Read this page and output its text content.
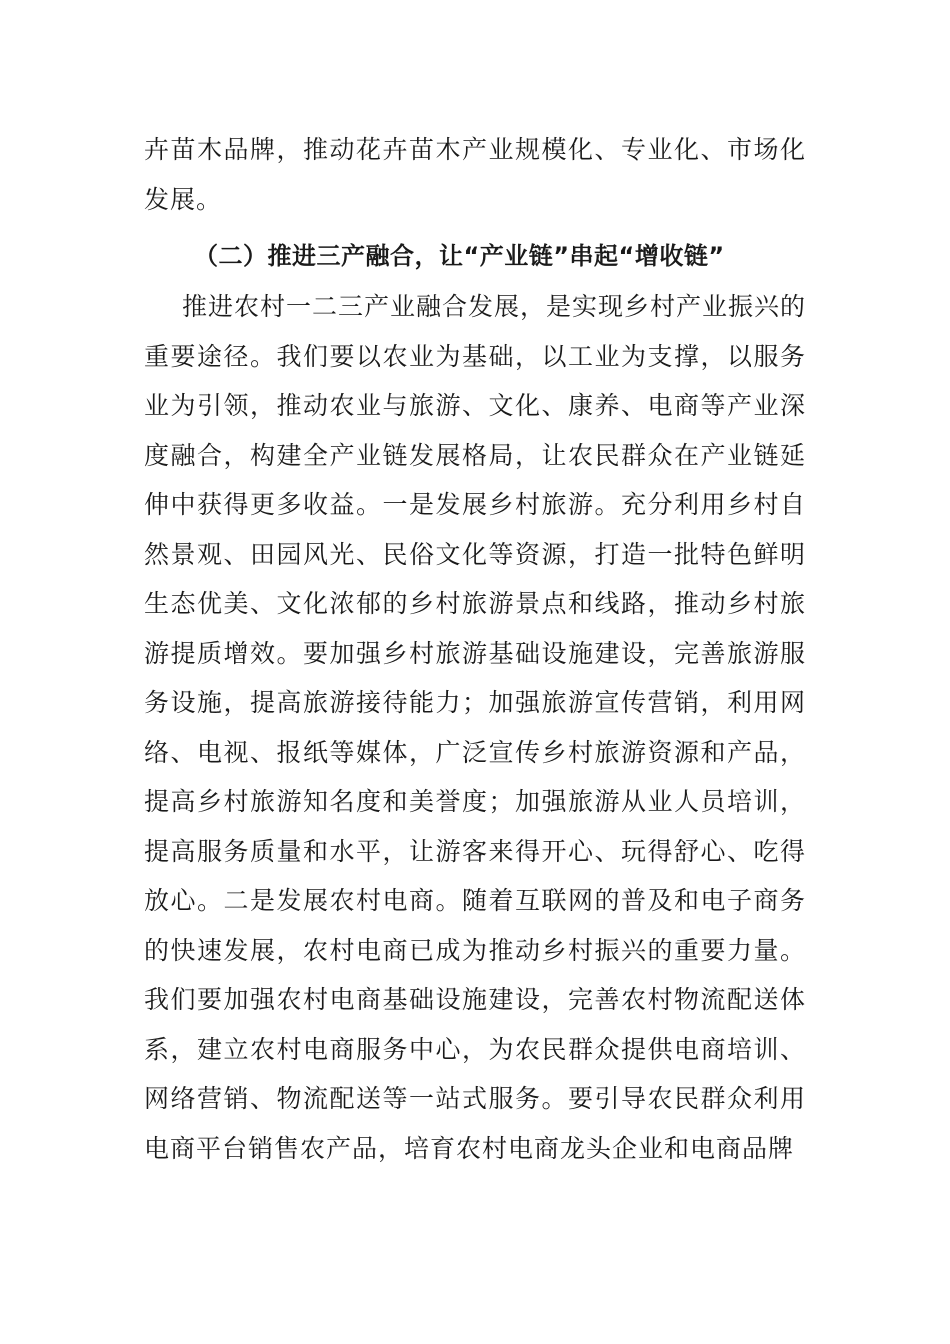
卉苗木品牌，推动花卉苗木产业规模化、专业化、市场化发展。

（二）推进三产融合，让“产业链”串起“增收链”

推进农村一二三产业融合发展，是实现乡村产业振兴的重要途径。我们要以农业为基础，以工业为支撑，以服务业为引领，推动农业与旅游、文化、康养、电商等产业深度融合，构建全产业链发展格局，让农民群众在产业链延伸中获得更多收益。一是发展乡村旅游。充分利用乡村自然景观、田园风光、民俗文化等资源，打造一批特色鲜明生态优美、文化浓郁的乡村旅游景点和线路，推动乡村旅游提质增效。要加强乡村旅游基础设施建设，完善旅游服务设施，提高旅游接待能力；加强旅游宣传营销，利用网络、电视、报纸等媒体，广泛宣传乡村旅游资源和产品，提高乡村旅游知名度和美誉度；加强旅游从业人员培训，提高服务质量和水平，让游客来得开心、玩得舒心、吃得放心。二是发展农村电商。随着互联网的普及和电子商务的快速发展，农村电商已成为推动乡村振兴的重要力量。我们要加强农村电商基础设施建设，完善农村物流配送体系，建立农村电商服务中心，为农民群众提供电商培训、网络营销、物流配送等一站式服务。要引导农民群众利用电商平台销售农产品，培育农村电商龙头企业和电商品牌
